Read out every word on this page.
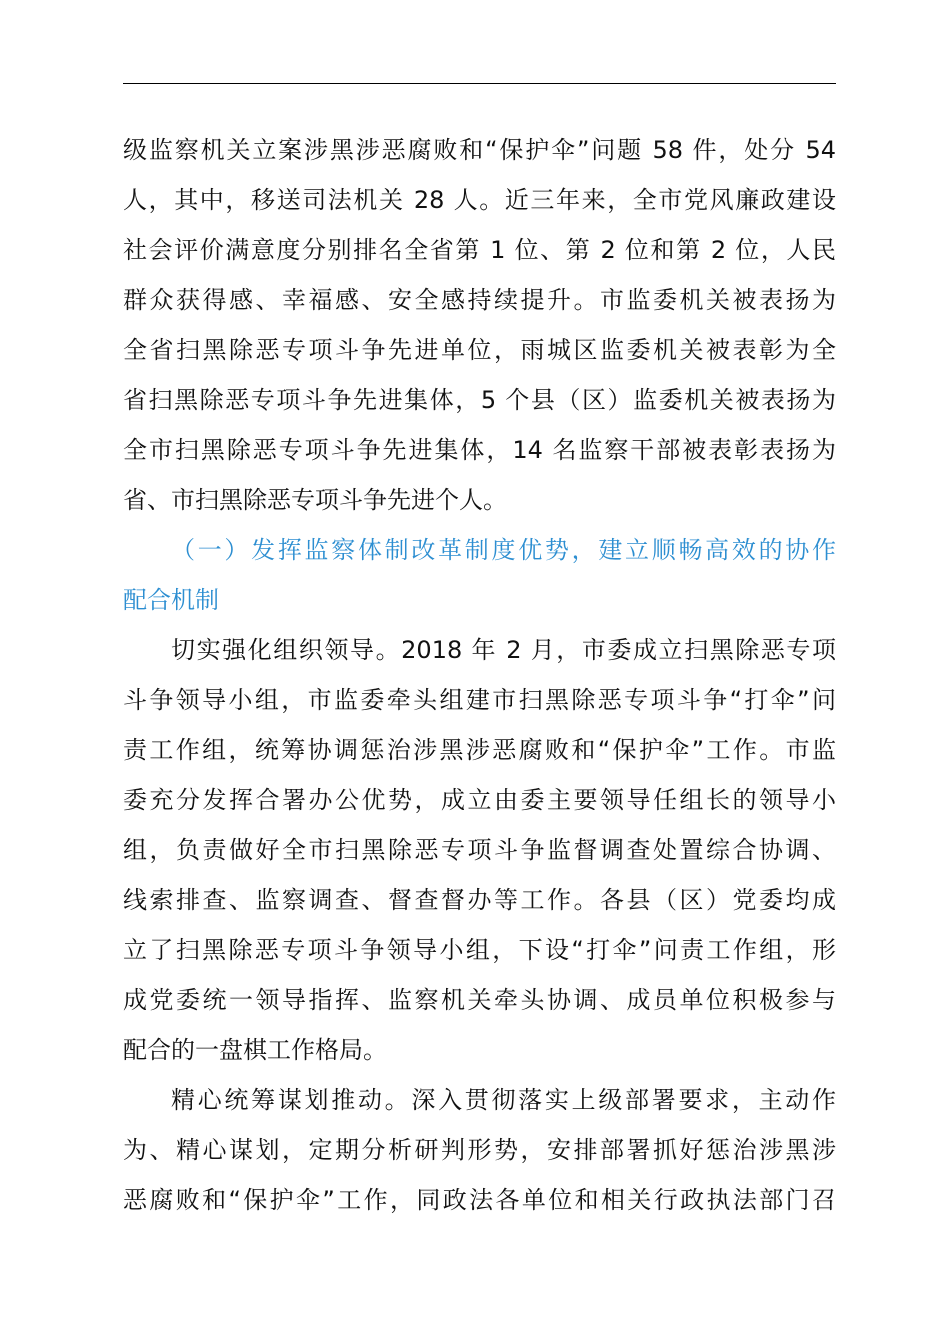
级监察机关立案涉黑涉恶腐败和“保护伞”问题 58 件，处分 54
人，其中，移送司法机关 28 人。近三年来，全市党风廉政建设
社会评价满意度分别排名全省第 1 位、第 2 位和第 2 位，人民
群众获得感、幸福感、安全感持续提升。市监委机关被表扬为
全省扫黑除恶专项斗争先进单位，雨城区监委机关被表彰为全
省扫黑除恶专项斗争先进集体，5 个县（区）监委机关被表扬为
全市扫黑除恶专项斗争先进集体，14 名监察干部被表彰表扬为
省、市扫黑除恶专项斗争先进个人。
（一）发挥监察体制改革制度优势，建立顺畅高效的协作
配合机制
切实强化组织领导。2018 年 2 月，市委成立扫黑除恶专项
斗争领导小组，市监委牵头组建市扫黑除恶专项斗争“打伞”问
责工作组，统筹协调惩治涉黑涉恶腐败和“保护伞”工作。市监
委充分发挥合署办公优势，成立由委主要领导任组长的领导小
组，负责做好全市扫黑除恶专项斗争监督调查处置综合协调、
线索排查、监察调查、督查督办等工作。各县（区）党委均成
立了扫黑除恶专项斗争领导小组，下设“打伞”问责工作组，形
成党委统一领导指挥、监察机关牵头协调、成员单位积极参与
配合的一盘棋工作格局。
精心统筹谋划推动。深入贯彻落实上级部署要求，主动作
为、精心谋划，定期分析研判形势，安排部署抓好惩治涉黑涉
恶腐败和“保护伞”工作，同政法各单位和相关行政执法部门召
